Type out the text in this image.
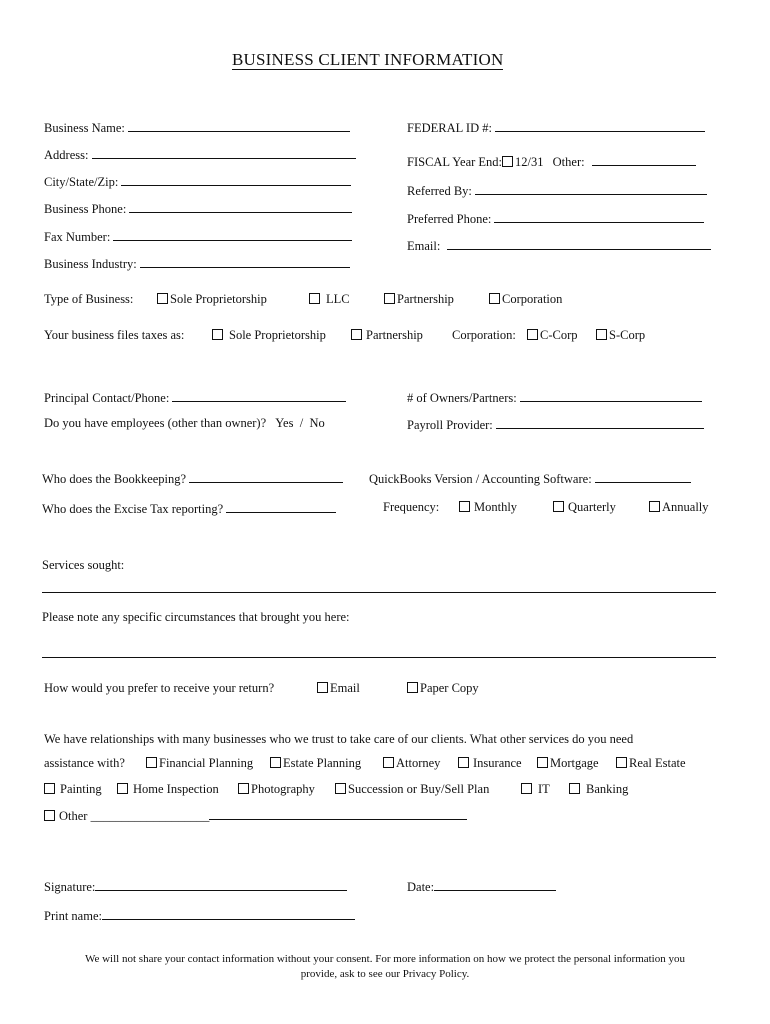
BUSINESS CLIENT INFORMATION
Business Name:
Address:
City/State/Zip:
Business Phone:
Fax Number:
Business Industry:
FEDERAL ID #:
FISCAL Year End: 12/31 Other:
Referred By:
Preferred Phone:
Email:
Type of Business:	Sole Proprietorship	LLC	Partnership	Corporation
Your business files taxes as:	Sole Proprietorship	Partnership Corporation:	C-Corp	S-Corp
Principal Contact/Phone:	# of Owners/Partners:
Do you have employees (other than owner)? Yes  /  No	Payroll Provider:
Who does the Bookkeeping?	QuickBooks Version / Accounting Software:
Who does the Excise Tax reporting?	Frequency:	Monthly	Quarterly	Annually
Services sought:
Please note any specific circumstances that brought you here:
How would you prefer to receive your return?	Email	Paper Copy
We have relationships with many businesses who we trust to take care of our clients. What other services do you need
assistance with?	Financial Planning	Estate Planning	Attorney	Insurance	Mortgage	Real Estate
Painting	Home Inspection	Photography	Succession or Buy/Sell Plan	IT	Banking
Other ___________________
Signature:	Date:
Print name:
We will not share your contact information without your consent. For more information on how we protect the personal information you
provide, ask to see our Privacy Policy.
